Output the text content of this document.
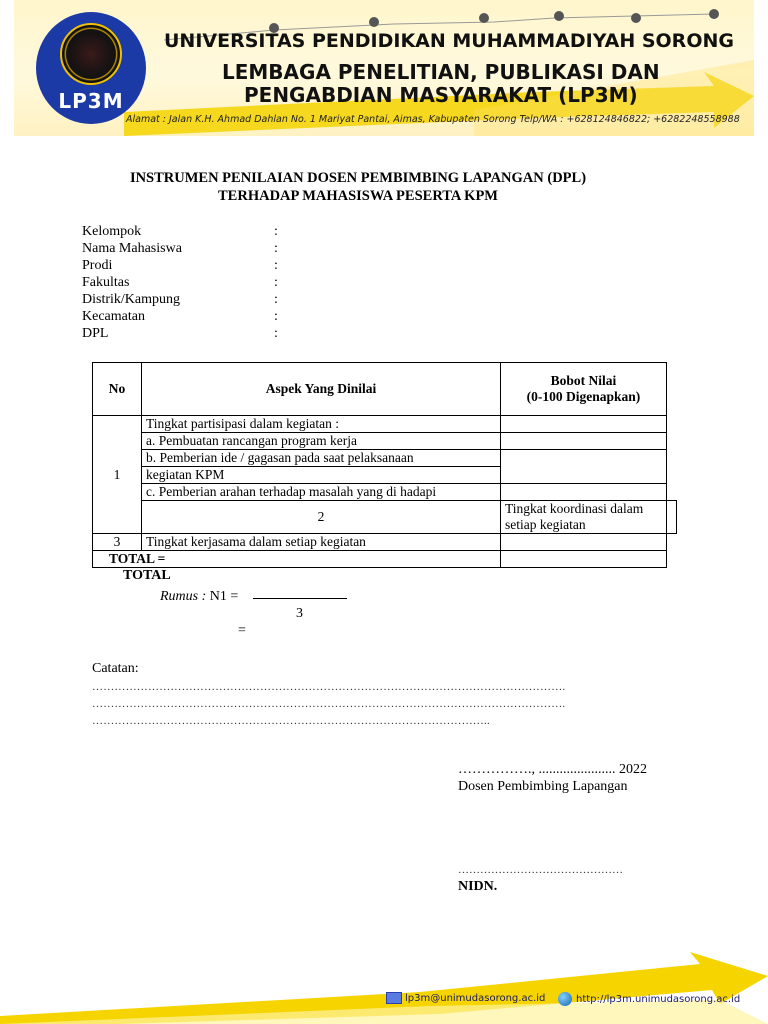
LP3M
UNIVERSITAS PENDIDIKAN MUHAMMADIYAH SORONG
LEMBAGA PENELITIAN, PUBLIKASI DAN
PENGABDIAN MASYARAKAT (LP3M)
Alamat : Jalan K.H. Ahmad Dahlan No. 1 Mariyat Pantai, Aimas, Kabupaten Sorong Telp/WA : +628124846822; +6282248558988
INSTRUMEN PENILAIAN DOSEN PEMBIMBING LAPANGAN (DPL)
TERHADAP MAHASISWA PESERTA KPM
Kelompok	:
Nama Mahasiswa	:
Prodi	:
Fakultas	:
Distrik/Kampung	:
Kecamatan	:
DPL	:
No	Aspek Yang Dinilai	Bobot Nilai
(0-100 Digenapkan)	

1	Tingkat partisipasi dalam kegiatan :		
	a. Pembuatan rancangan program kerja		
	b. Pemberian ide / gagasan pada saat pelaksanaan		
	kegiatan KPM		
	c. Pemberian arahan terhadap masalah yang di hadapi		
	2	Tingkat koordinasi dalam setiap kegiatan	
3	Tingkat kerjasama dalam setiap kegiatan		
TOTAL =			
TOTAL
Rumus : N1 =
3
=
Catatan:
……………………………………………………………………………………………………………….
……………………………………………………………………………………………………………….
……………………………………………………………………………………………..
……………., ...................... 2022
Dosen Pembimbing Lapangan
………………………………………
NIDN.
lp3m@unimudasorong.ac.id	http://lp3m.unimudasorong.ac.id
